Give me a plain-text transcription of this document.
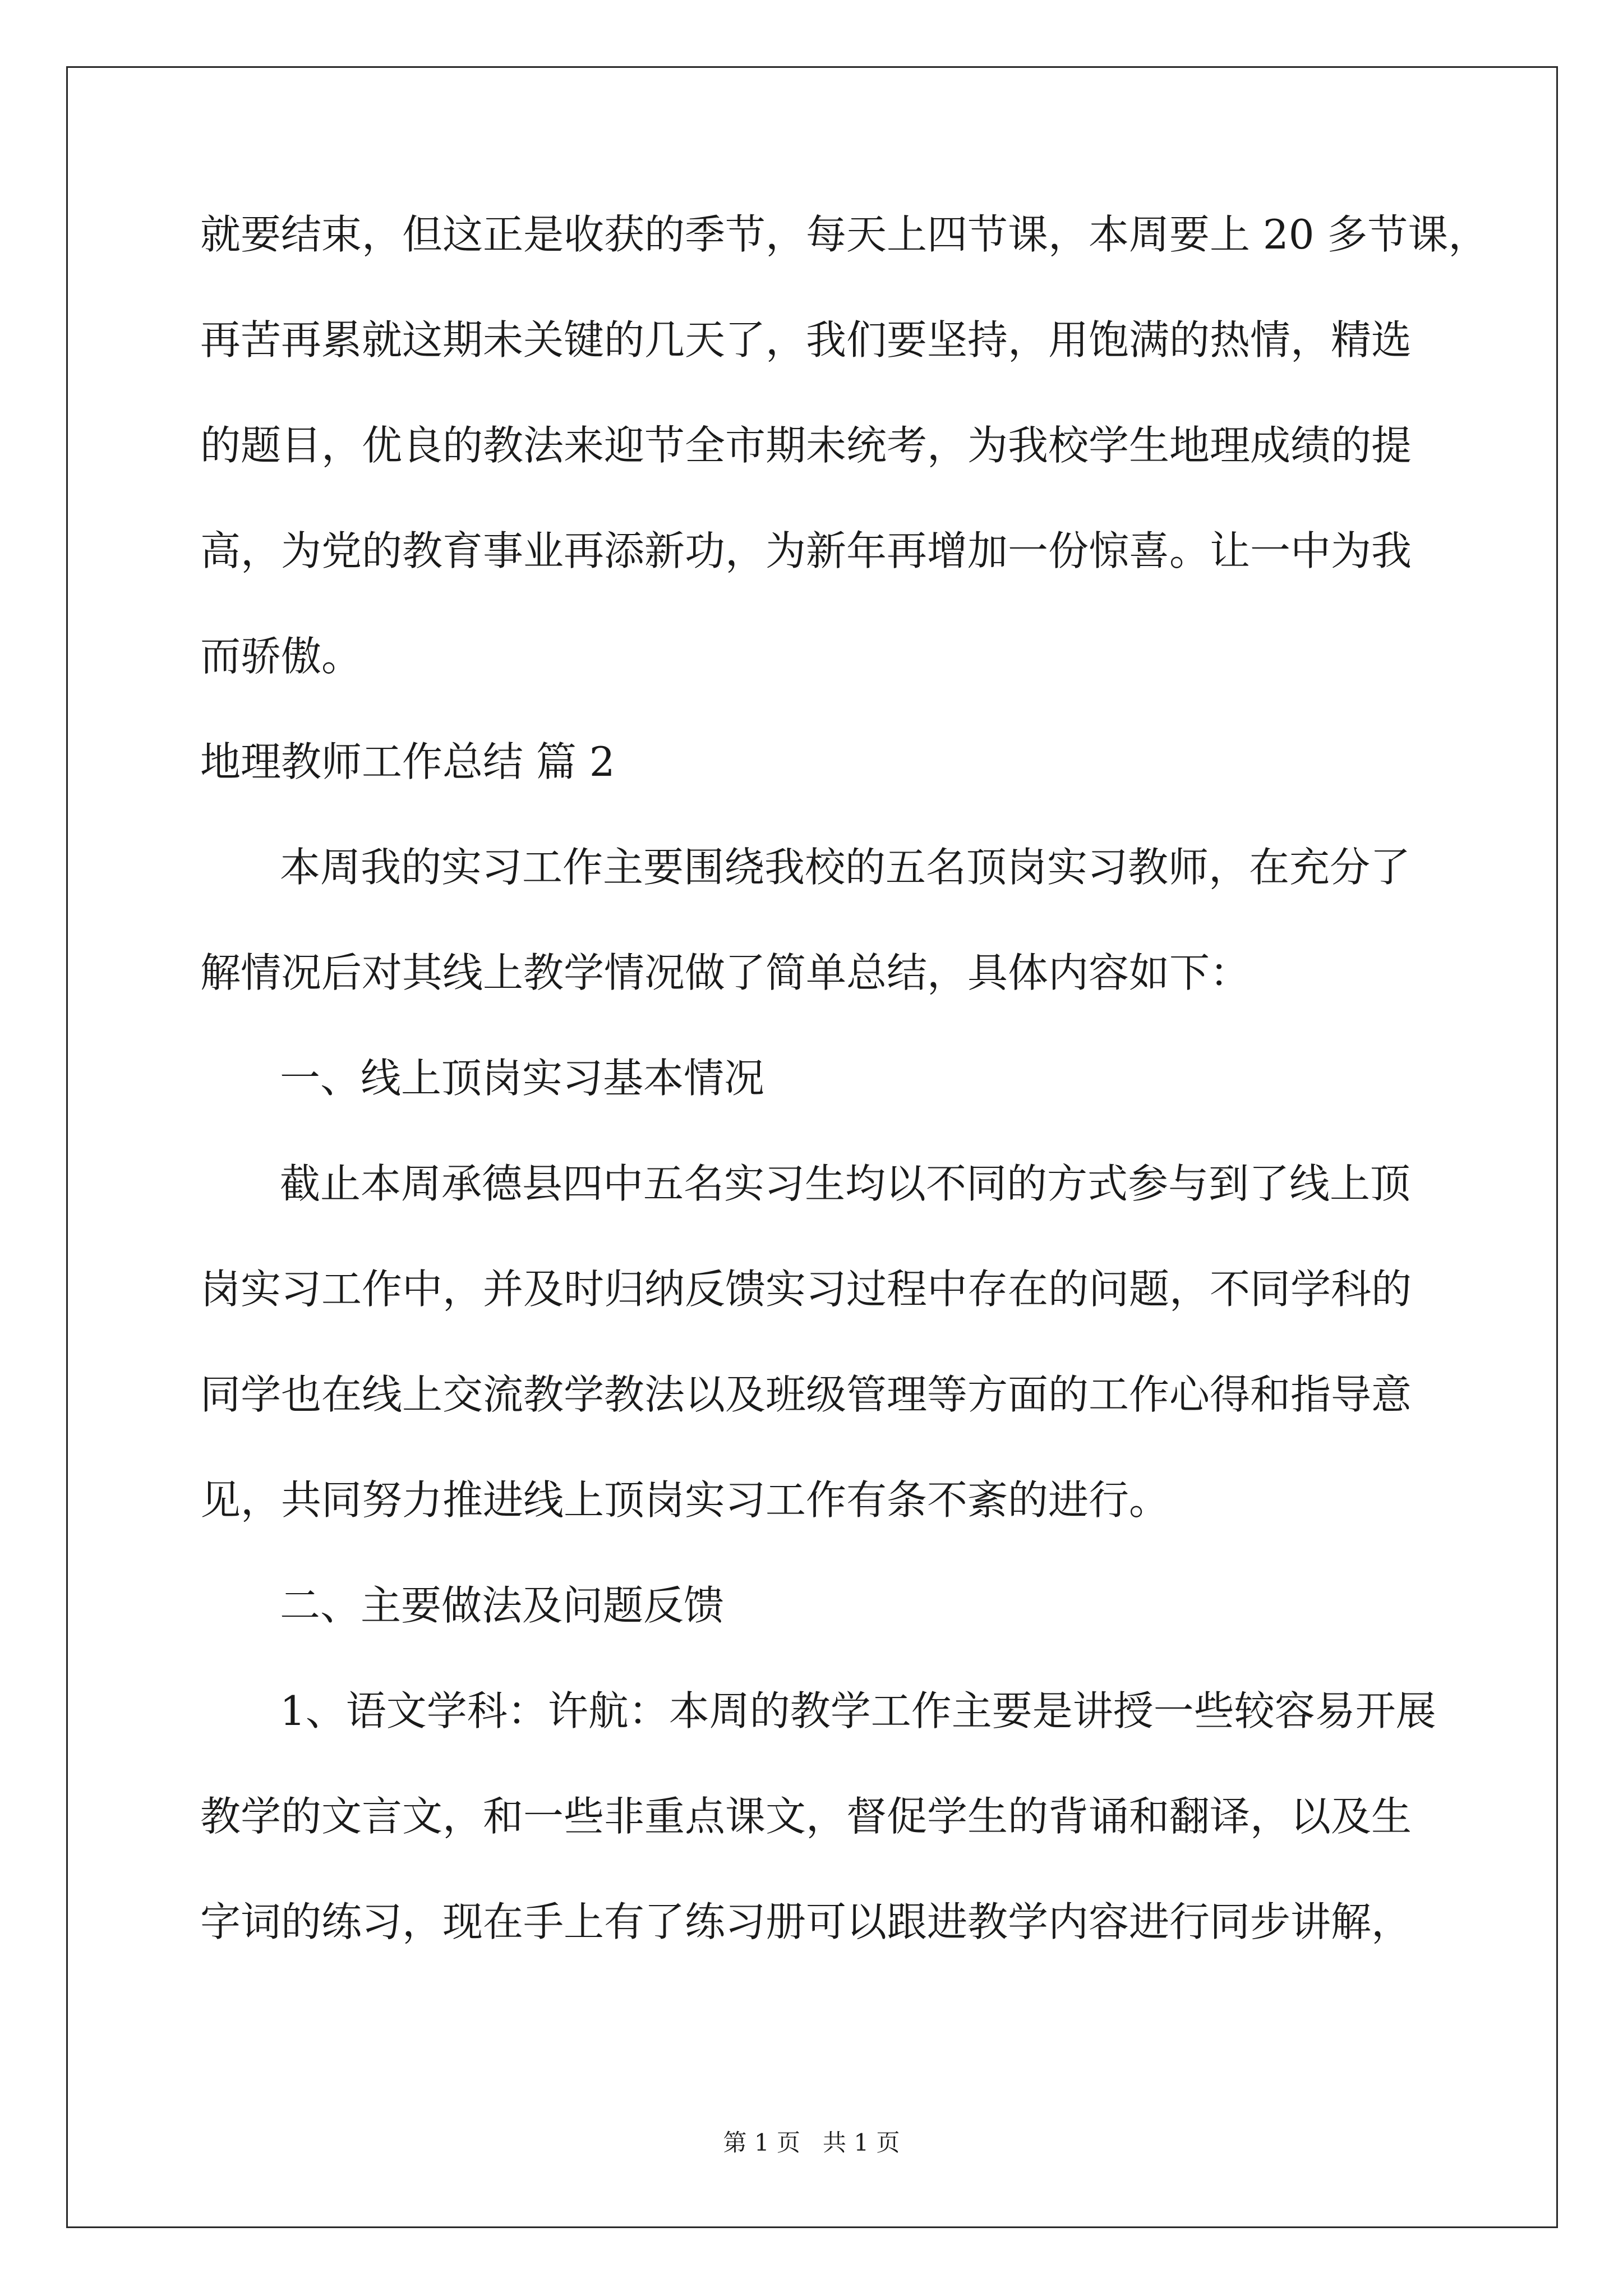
就要结束，但这正是收获的季节，每天上四节课，本周要上 20 多节课，
再苦再累就这期未关键的几天了，我们要坚持，用饱满的热情，精选
的题目，优良的教法来迎节全市期未统考，为我校学生地理成绩的提
高，为党的教育事业再添新功，为新年再增加一份惊喜。让一中为我
而骄傲。
地理教师工作总结 篇 2
本周我的实习工作主要围绕我校的五名顶岗实习教师，在充分了
解情况后对其线上教学情况做了简单总结，具体内容如下：
一、线上顶岗实习基本情况
截止本周承德县四中五名实习生均以不同的方式参与到了线上顶
岗实习工作中，并及时归纳反馈实习过程中存在的问题，不同学科的
同学也在线上交流教学教法以及班级管理等方面的工作心得和指导意
见，共同努力推进线上顶岗实习工作有条不紊的进行。
二、主要做法及问题反馈
1、语文学科：许航：本周的教学工作主要是讲授一些较容易开展
教学的文言文，和一些非重点课文，督促学生的背诵和翻译，以及生
字词的练习，现在手上有了练习册可以跟进教学内容进行同步讲解，
第 1 页   共 1 页
